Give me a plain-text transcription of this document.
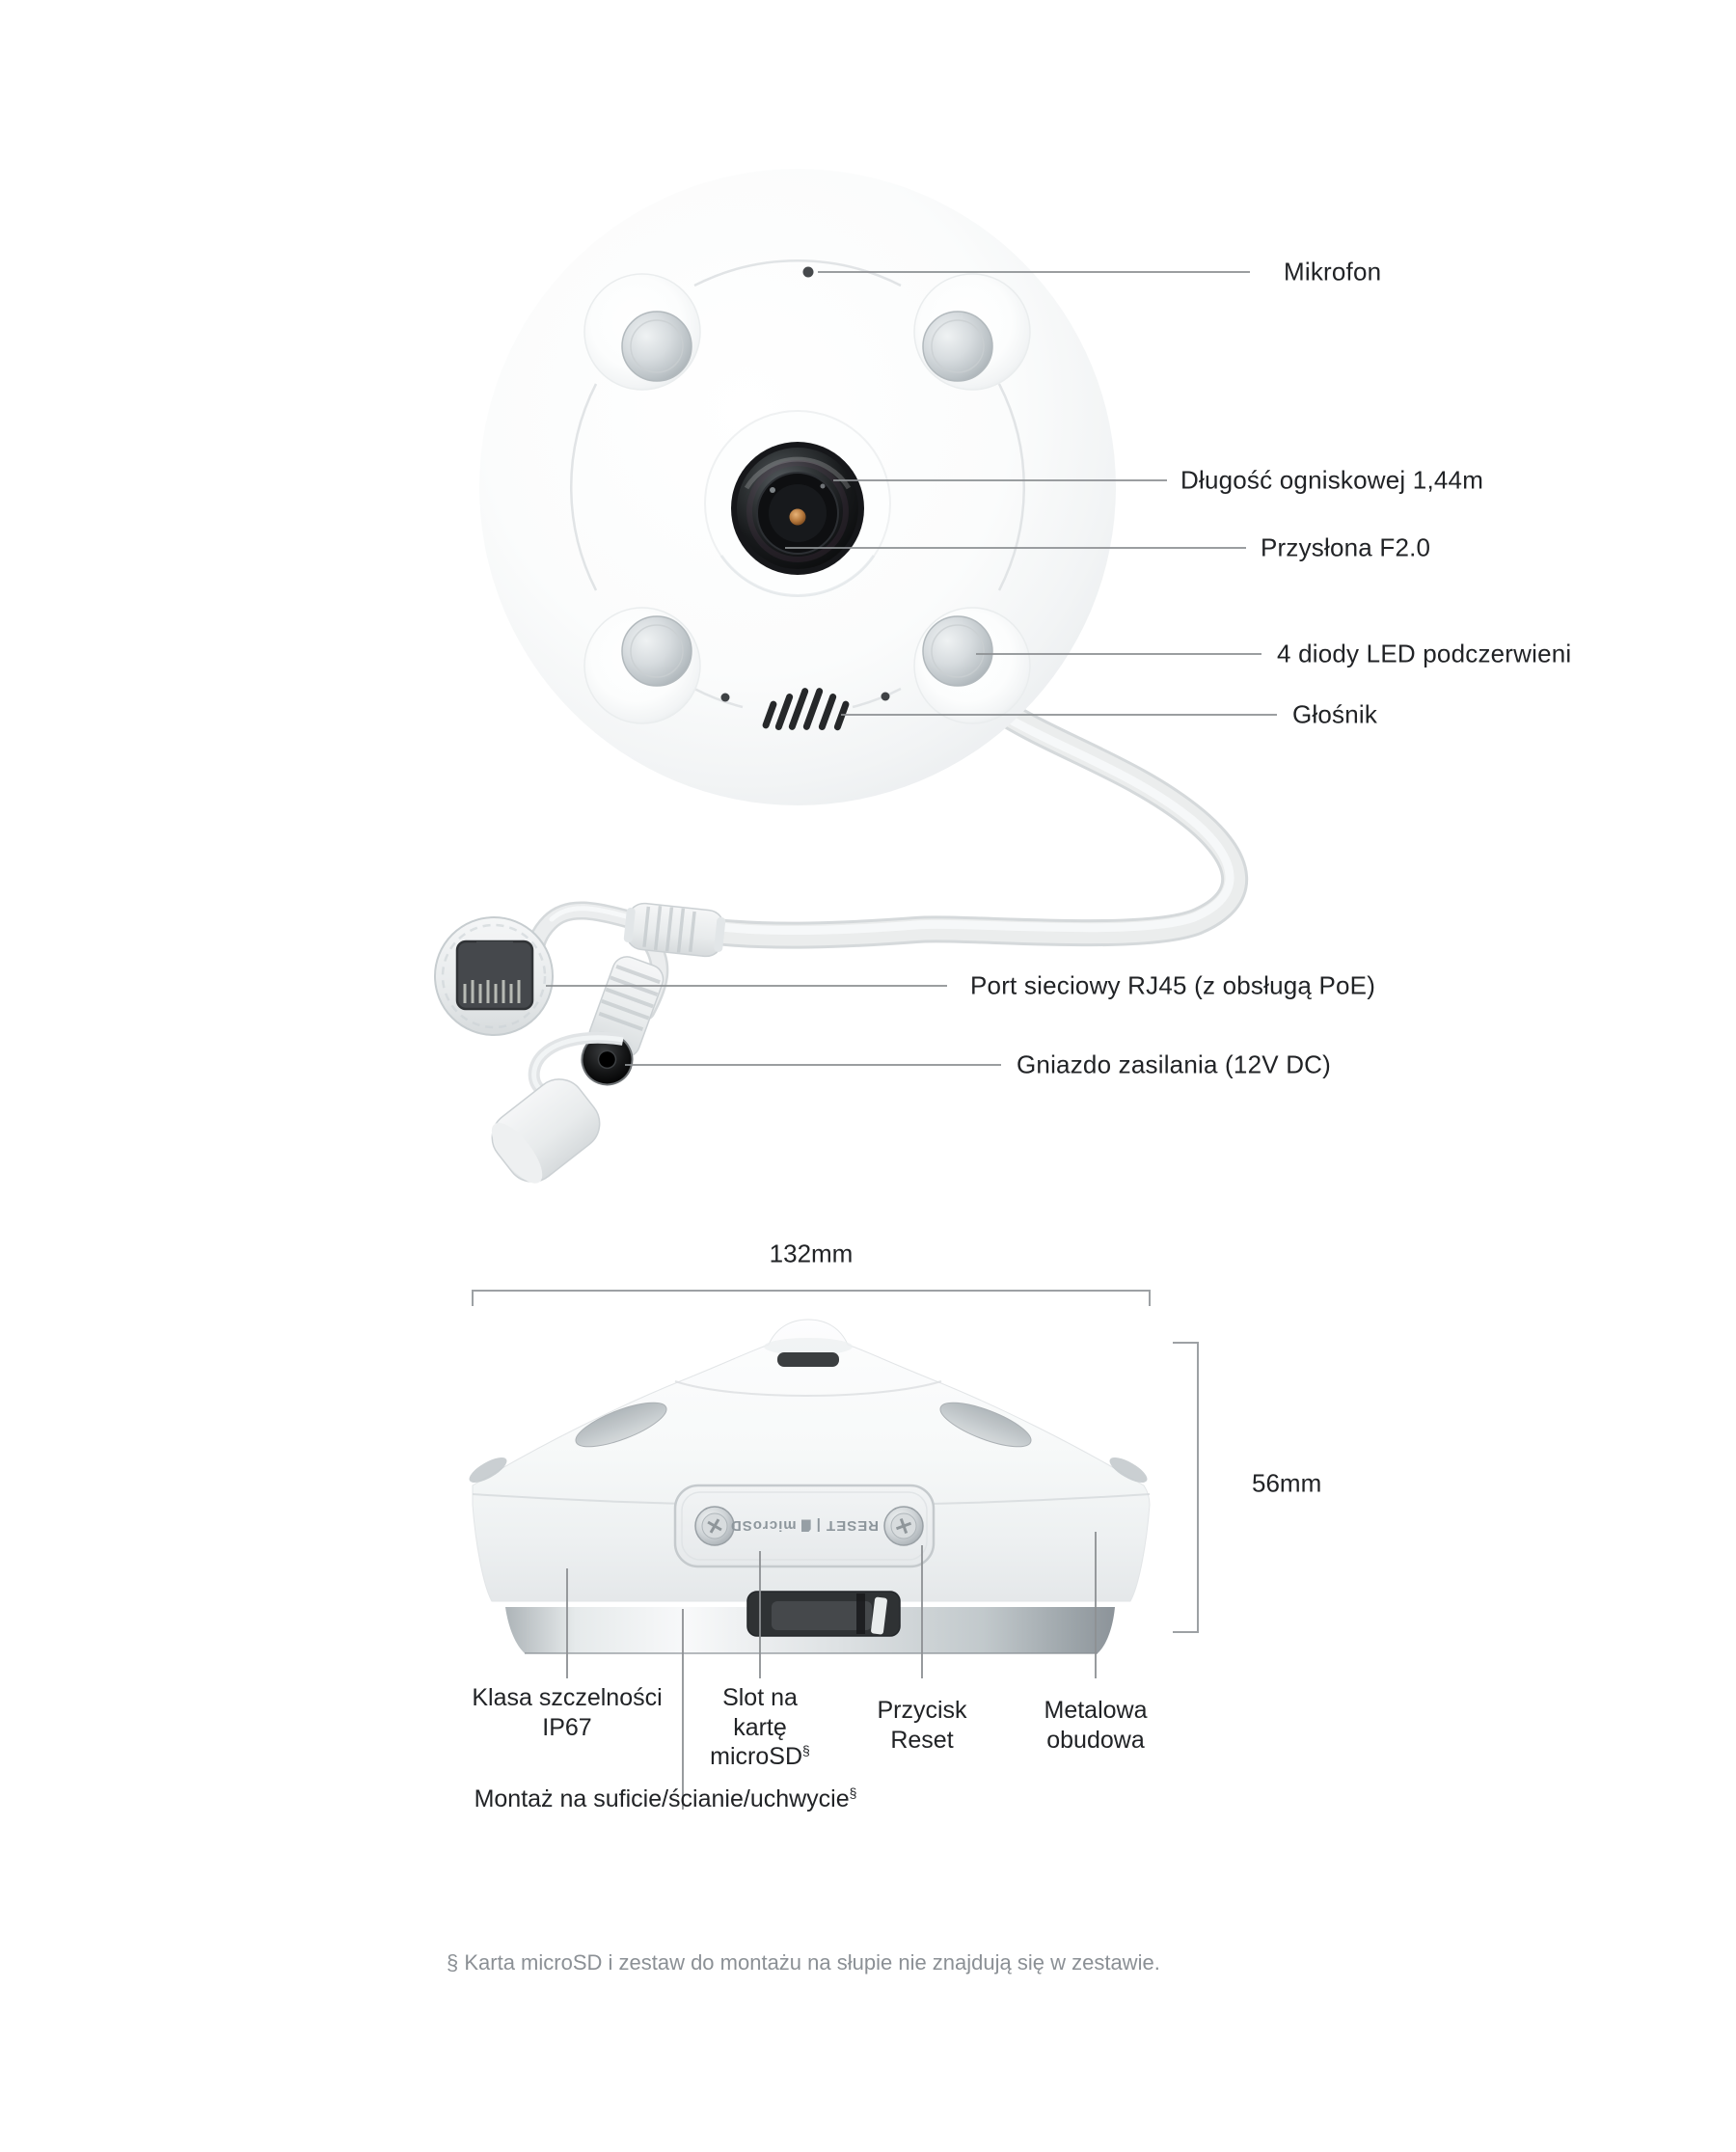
Mikrofon
Długość ogniskowej 1,44m
Przysłona F2.0
4 diody LED podczerwieni
Głośnik
Port sieciowy RJ45 (z obsługą PoE)
Gniazdo zasilania (12V DC)
132mm
56mm
RESET |
microSD
Klasa szczelności IP67
Slot na kartę microSD§
Przycisk Reset
Metalowa obudowa
Montaż na suficie/ścianie/uchwycie§
§ Karta microSD i zestaw do montażu na słupie nie znajdują się w zestawie.
